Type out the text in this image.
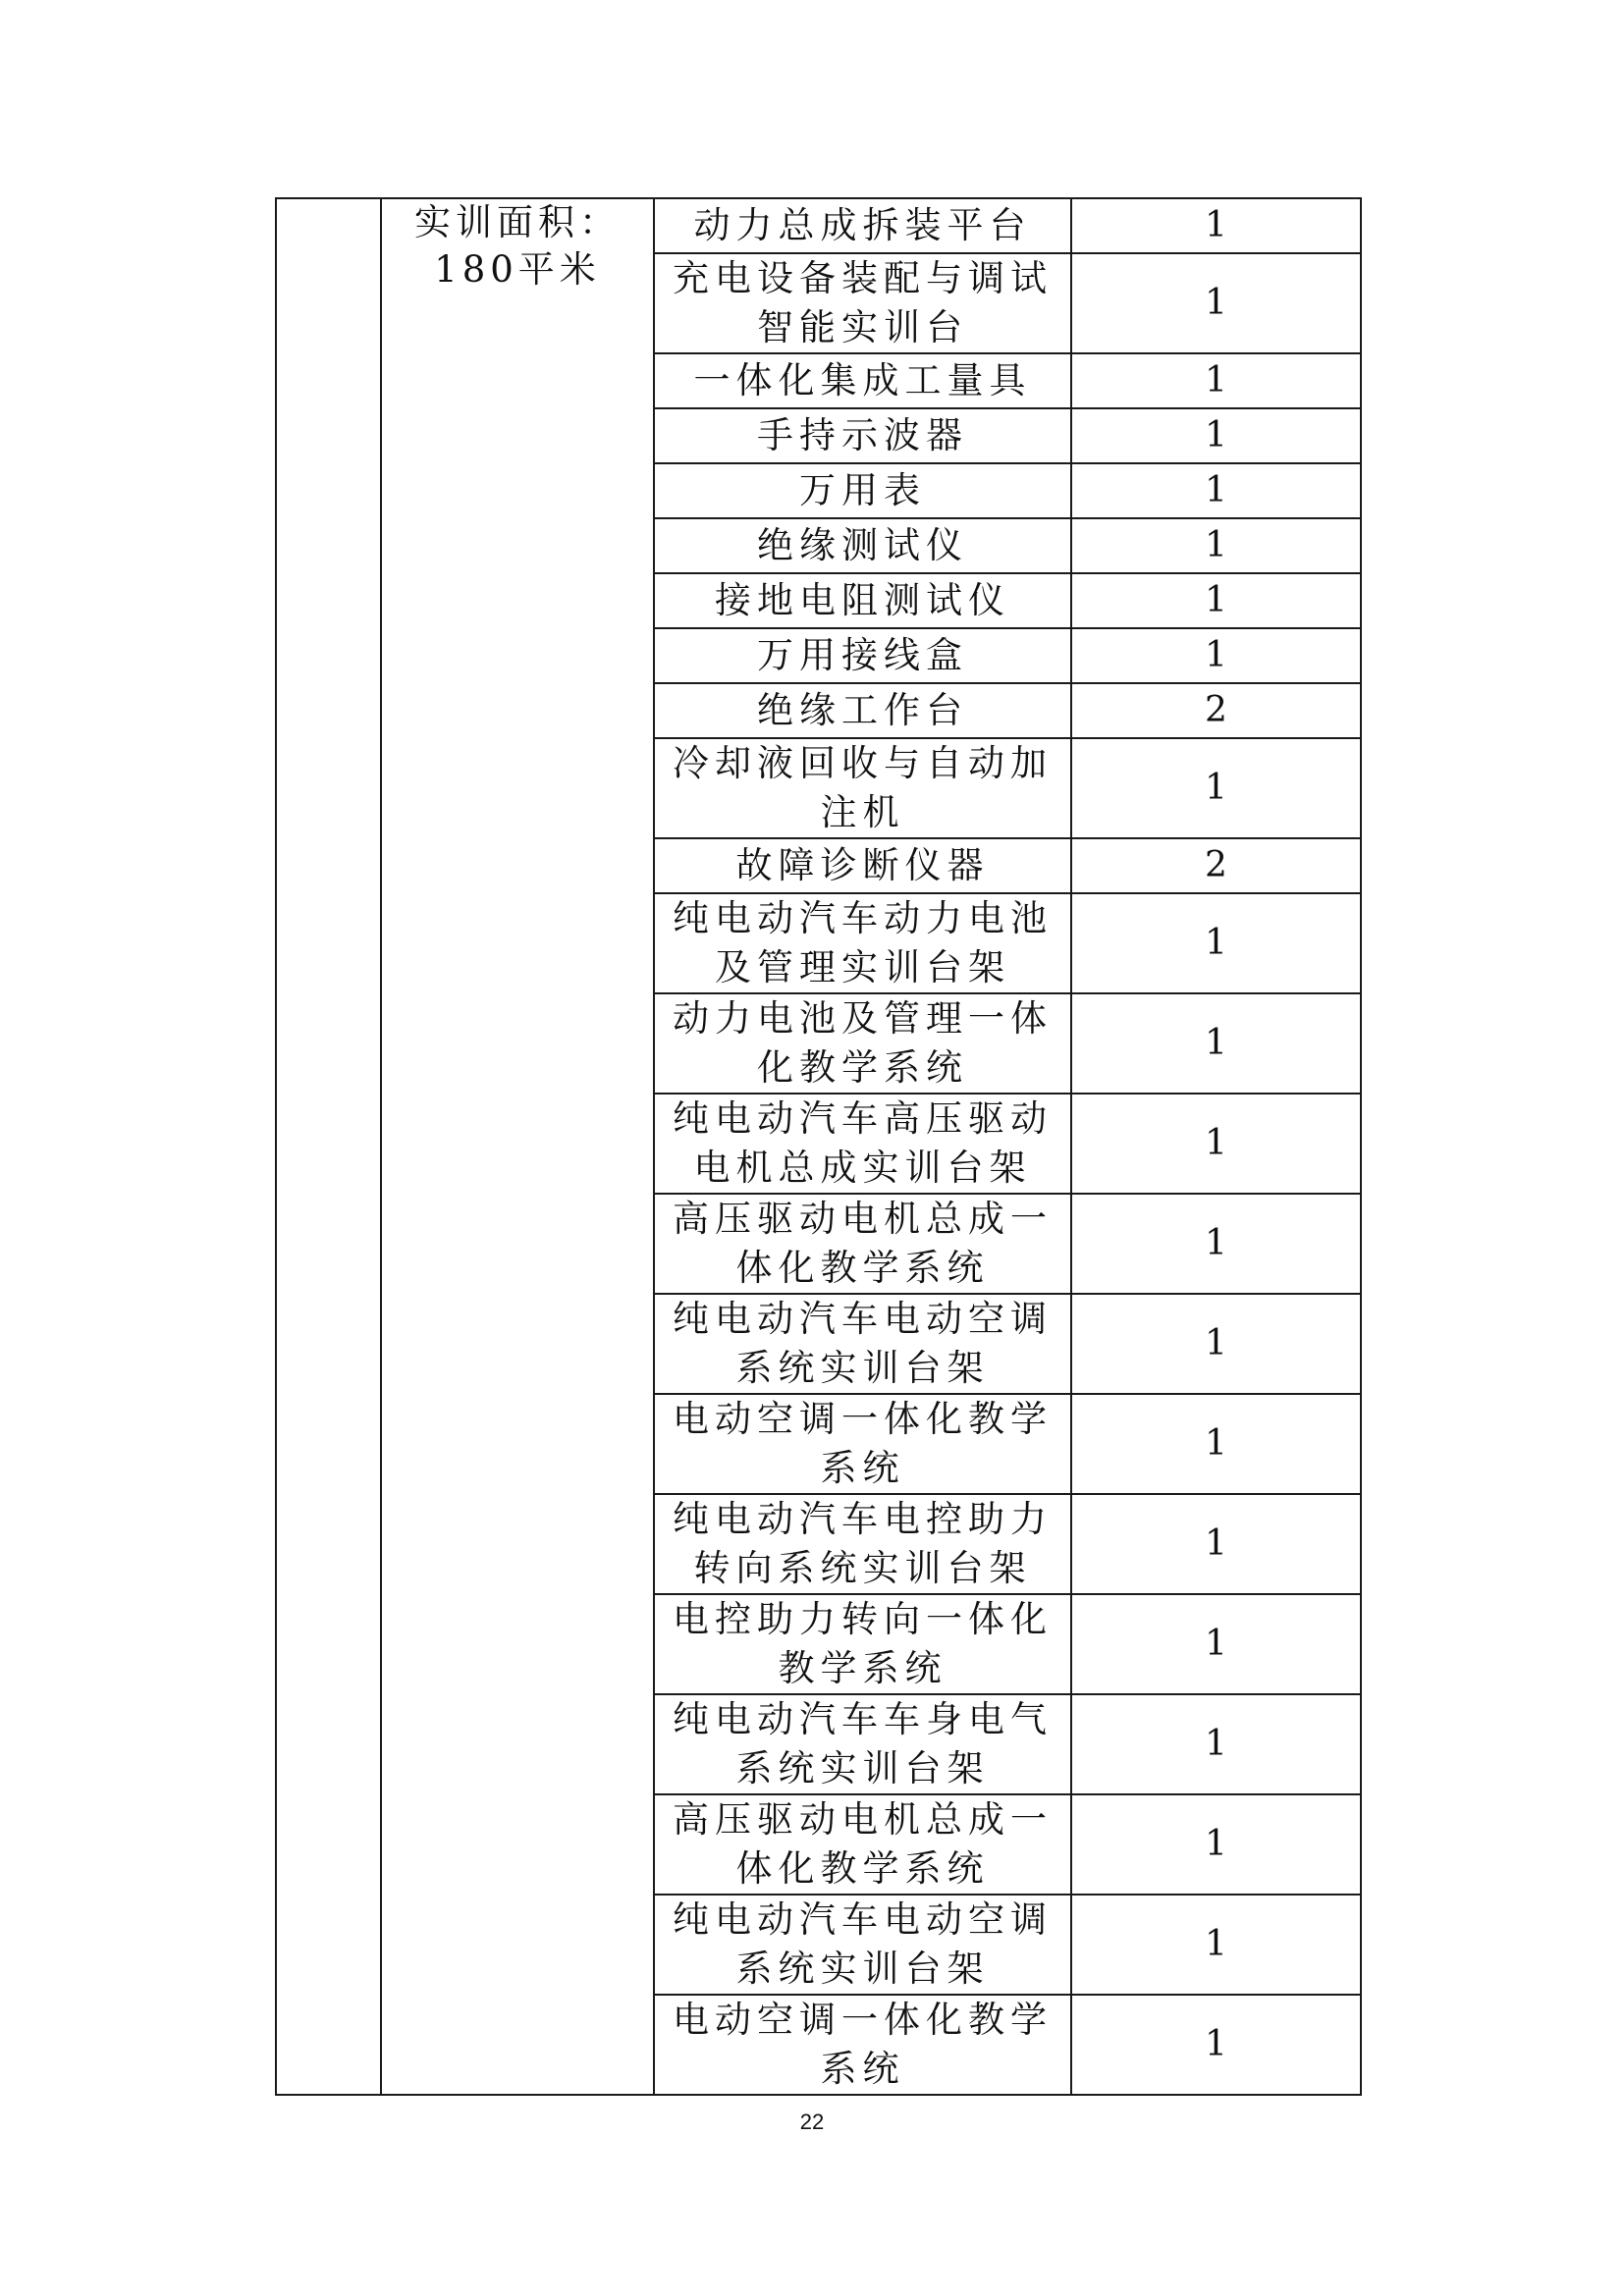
	实训面积：180平米	动力总成拆装平台	1
		充电设备装配与调试智能实训台	1
		一体化集成工量具	1
		手持示波器	1
		万用表	1
		绝缘测试仪	1
		接地电阻测试仪	1
		万用接线盒	1
		绝缘工作台	2
		冷却液回收与自动加注机	1
		故障诊断仪器	2
		纯电动汽车动力电池及管理实训台架	1
		动力电池及管理一体化教学系统	1
		纯电动汽车高压驱动电机总成实训台架	1
		高压驱动电机总成一体化教学系统	1
		纯电动汽车电动空调系统实训台架	1
		电动空调一体化教学系统	1
		纯电动汽车电控助力转向系统实训台架	1
		电控助力转向一体化教学系统	1
		纯电动汽车车身电气系统实训台架	1
		高压驱动电机总成一体化教学系统	1
		纯电动汽车电动空调系统实训台架	1
		电动空调一体化教学系统	1
22
